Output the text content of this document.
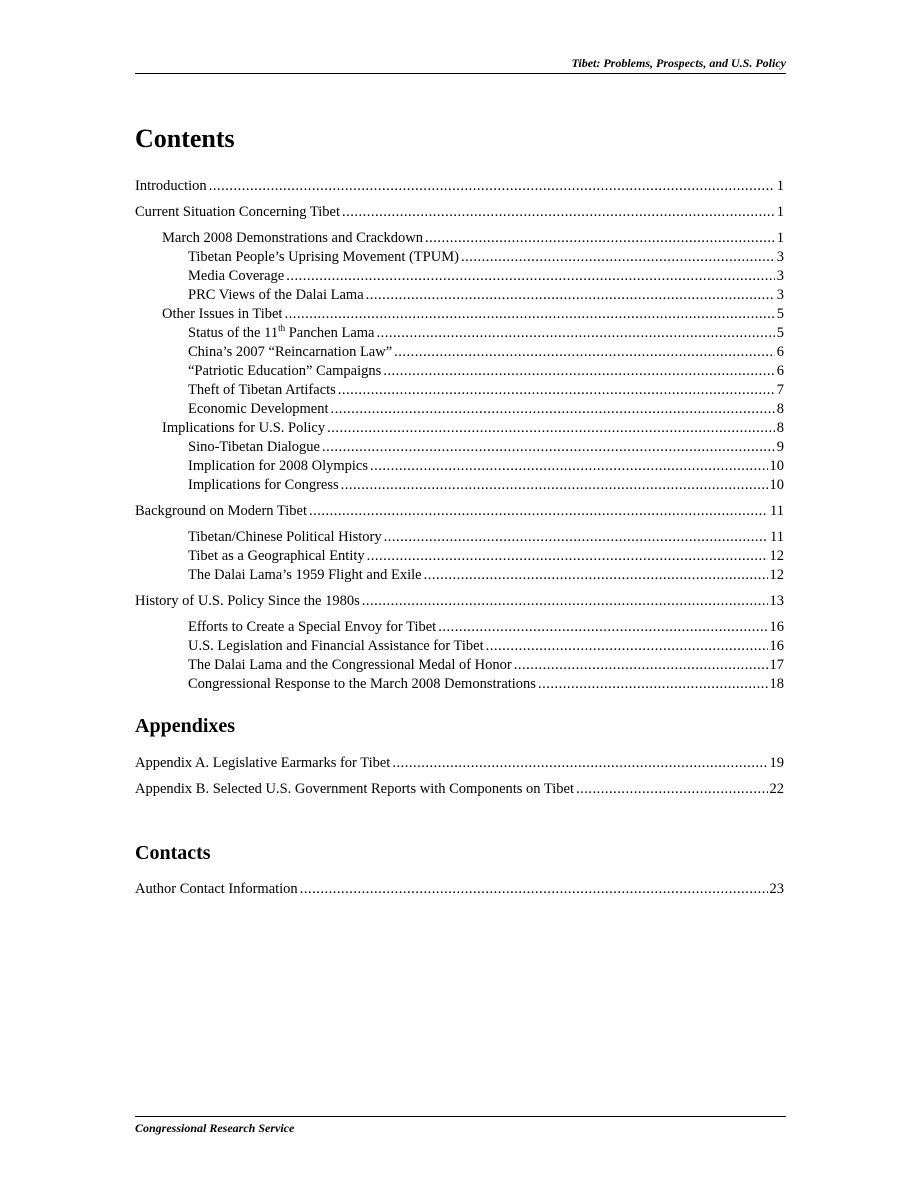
Tibet: Problems, Prospects, and U.S. Policy
Contents
Introduction .....	1
Current Situation Concerning Tibet .....	1
March 2008 Demonstrations and Crackdown .....	1
Tibetan People’s Uprising Movement (TPUM) .....	3
Media Coverage .....	3
PRC Views of the Dalai Lama .....	3
Other Issues in Tibet .....	5
Status of the 11th Panchen Lama .....	5
China’s 2007 “Reincarnation Law” .....	6
“Patriotic Education” Campaigns .....	6
Theft of Tibetan Artifacts .....	7
Economic Development .....	8
Implications for U.S. Policy .....	8
Sino-Tibetan Dialogue .....	9
Implication for 2008 Olympics .....	10
Implications for Congress .....	10
Background on Modern Tibet .....	11
Tibetan/Chinese Political History .....	11
Tibet as a Geographical Entity .....	12
The Dalai Lama’s 1959 Flight and Exile .....	12
History of U.S. Policy Since the 1980s .....	13
Efforts to Create a Special Envoy for Tibet .....	16
U.S. Legislation and Financial Assistance for Tibet .....	16
The Dalai Lama and the Congressional Medal of Honor .....	17
Congressional Response to the March 2008 Demonstrations .....	18
Appendixes
Appendix A. Legislative Earmarks for Tibet .....	19
Appendix B. Selected U.S. Government Reports with Components on Tibet .....	22
Contacts
Author Contact Information .....	23
Congressional Research Service
